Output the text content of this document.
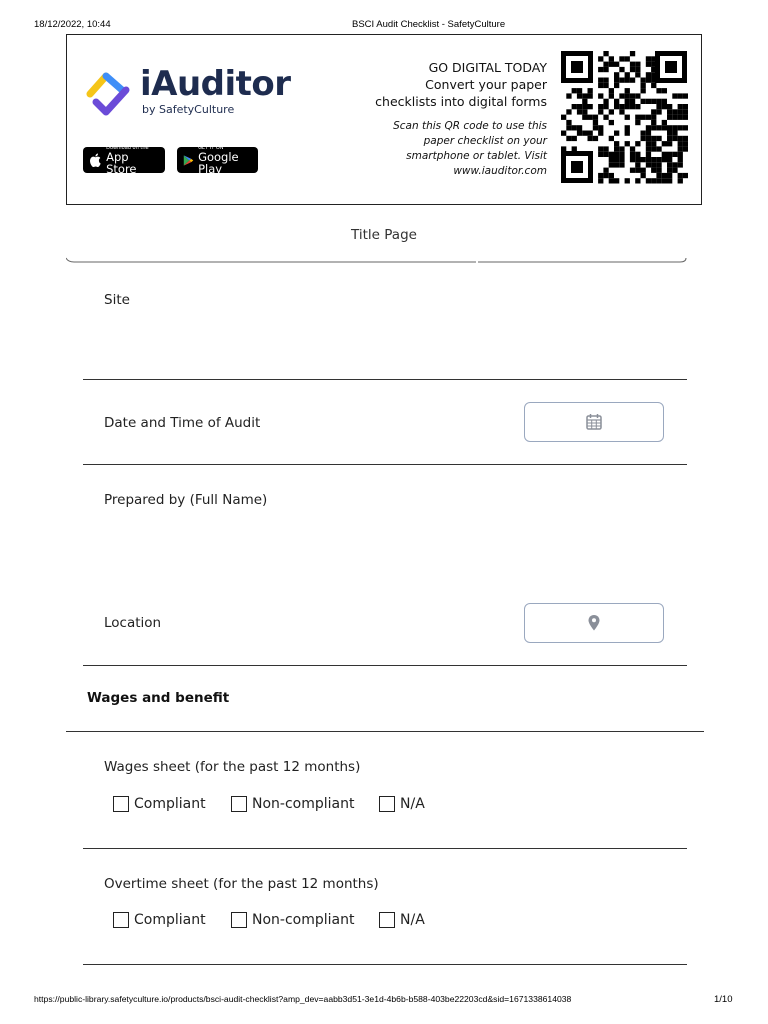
18/12/2022, 10:44	BSCI Audit Checklist - SafetyCulture
iAuditor
by SafetyCulture
Download on the
App Store
GET IT ON
Google Play
GO DIGITAL TODAY
Convert your paper
checklists into digital forms
Scan this QR code to use this
paper checklist on your
smartphone or tablet. Visit
www.iauditor.com
Title Page
Site
Date and Time of Audit
Prepared by (Full Name)
Location
Wages and benefit
Wages sheet (for the past 12 months)
Compliant	Non-compliant	N/A
Overtime sheet (for the past 12 months)
Compliant	Non-compliant	N/A
https://public-library.safetyculture.io/products/bsci-audit-checklist?amp_dev=aabb3d51-3e1d-4b6b-b588-403be22203cd&sid=1671338614038	1/10
